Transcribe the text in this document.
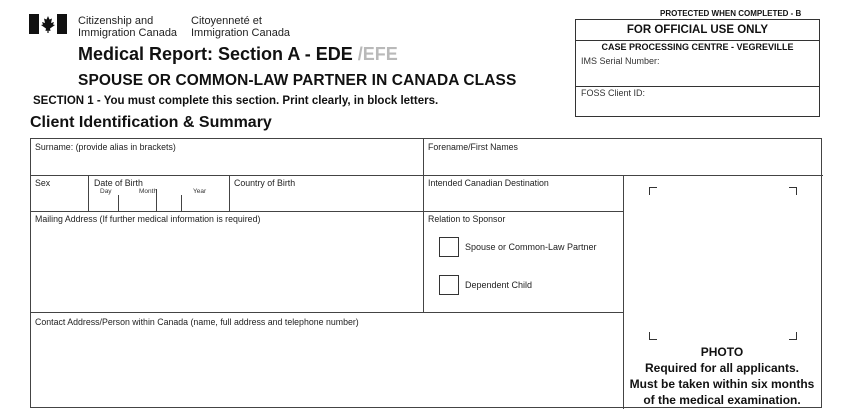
Citizenship and
Immigration Canada
Citoyenneté et
Immigration Canada
PROTECTED WHEN COMPLETED - B
Medical Report: Section A - EDE /EFE
SPOUSE OR COMMON-LAW PARTNER IN CANADA CLASS
SECTION 1 - You must complete this section. Print clearly, in block letters.
Client Identification & Summary
FOR OFFICIAL USE ONLY
CASE PROCESSING CENTRE - VEGREVILLE
IMS Serial Number:
FOSS Client ID:
Surname: (provide alias in brackets)	Forename/First Names
Sex	Date of Birth
Day	Month	Year
Country of Birth	Intended Canadian Destination
Mailing Address (If further medical information is required)	Relation to Sponsor
Spouse or Common-Law Partner
Dependent Child
Contact Address/Person within Canada (name, full address and telephone number)
PHOTO
Required for all applicants.
Must be taken within six months
of the medical examination.
